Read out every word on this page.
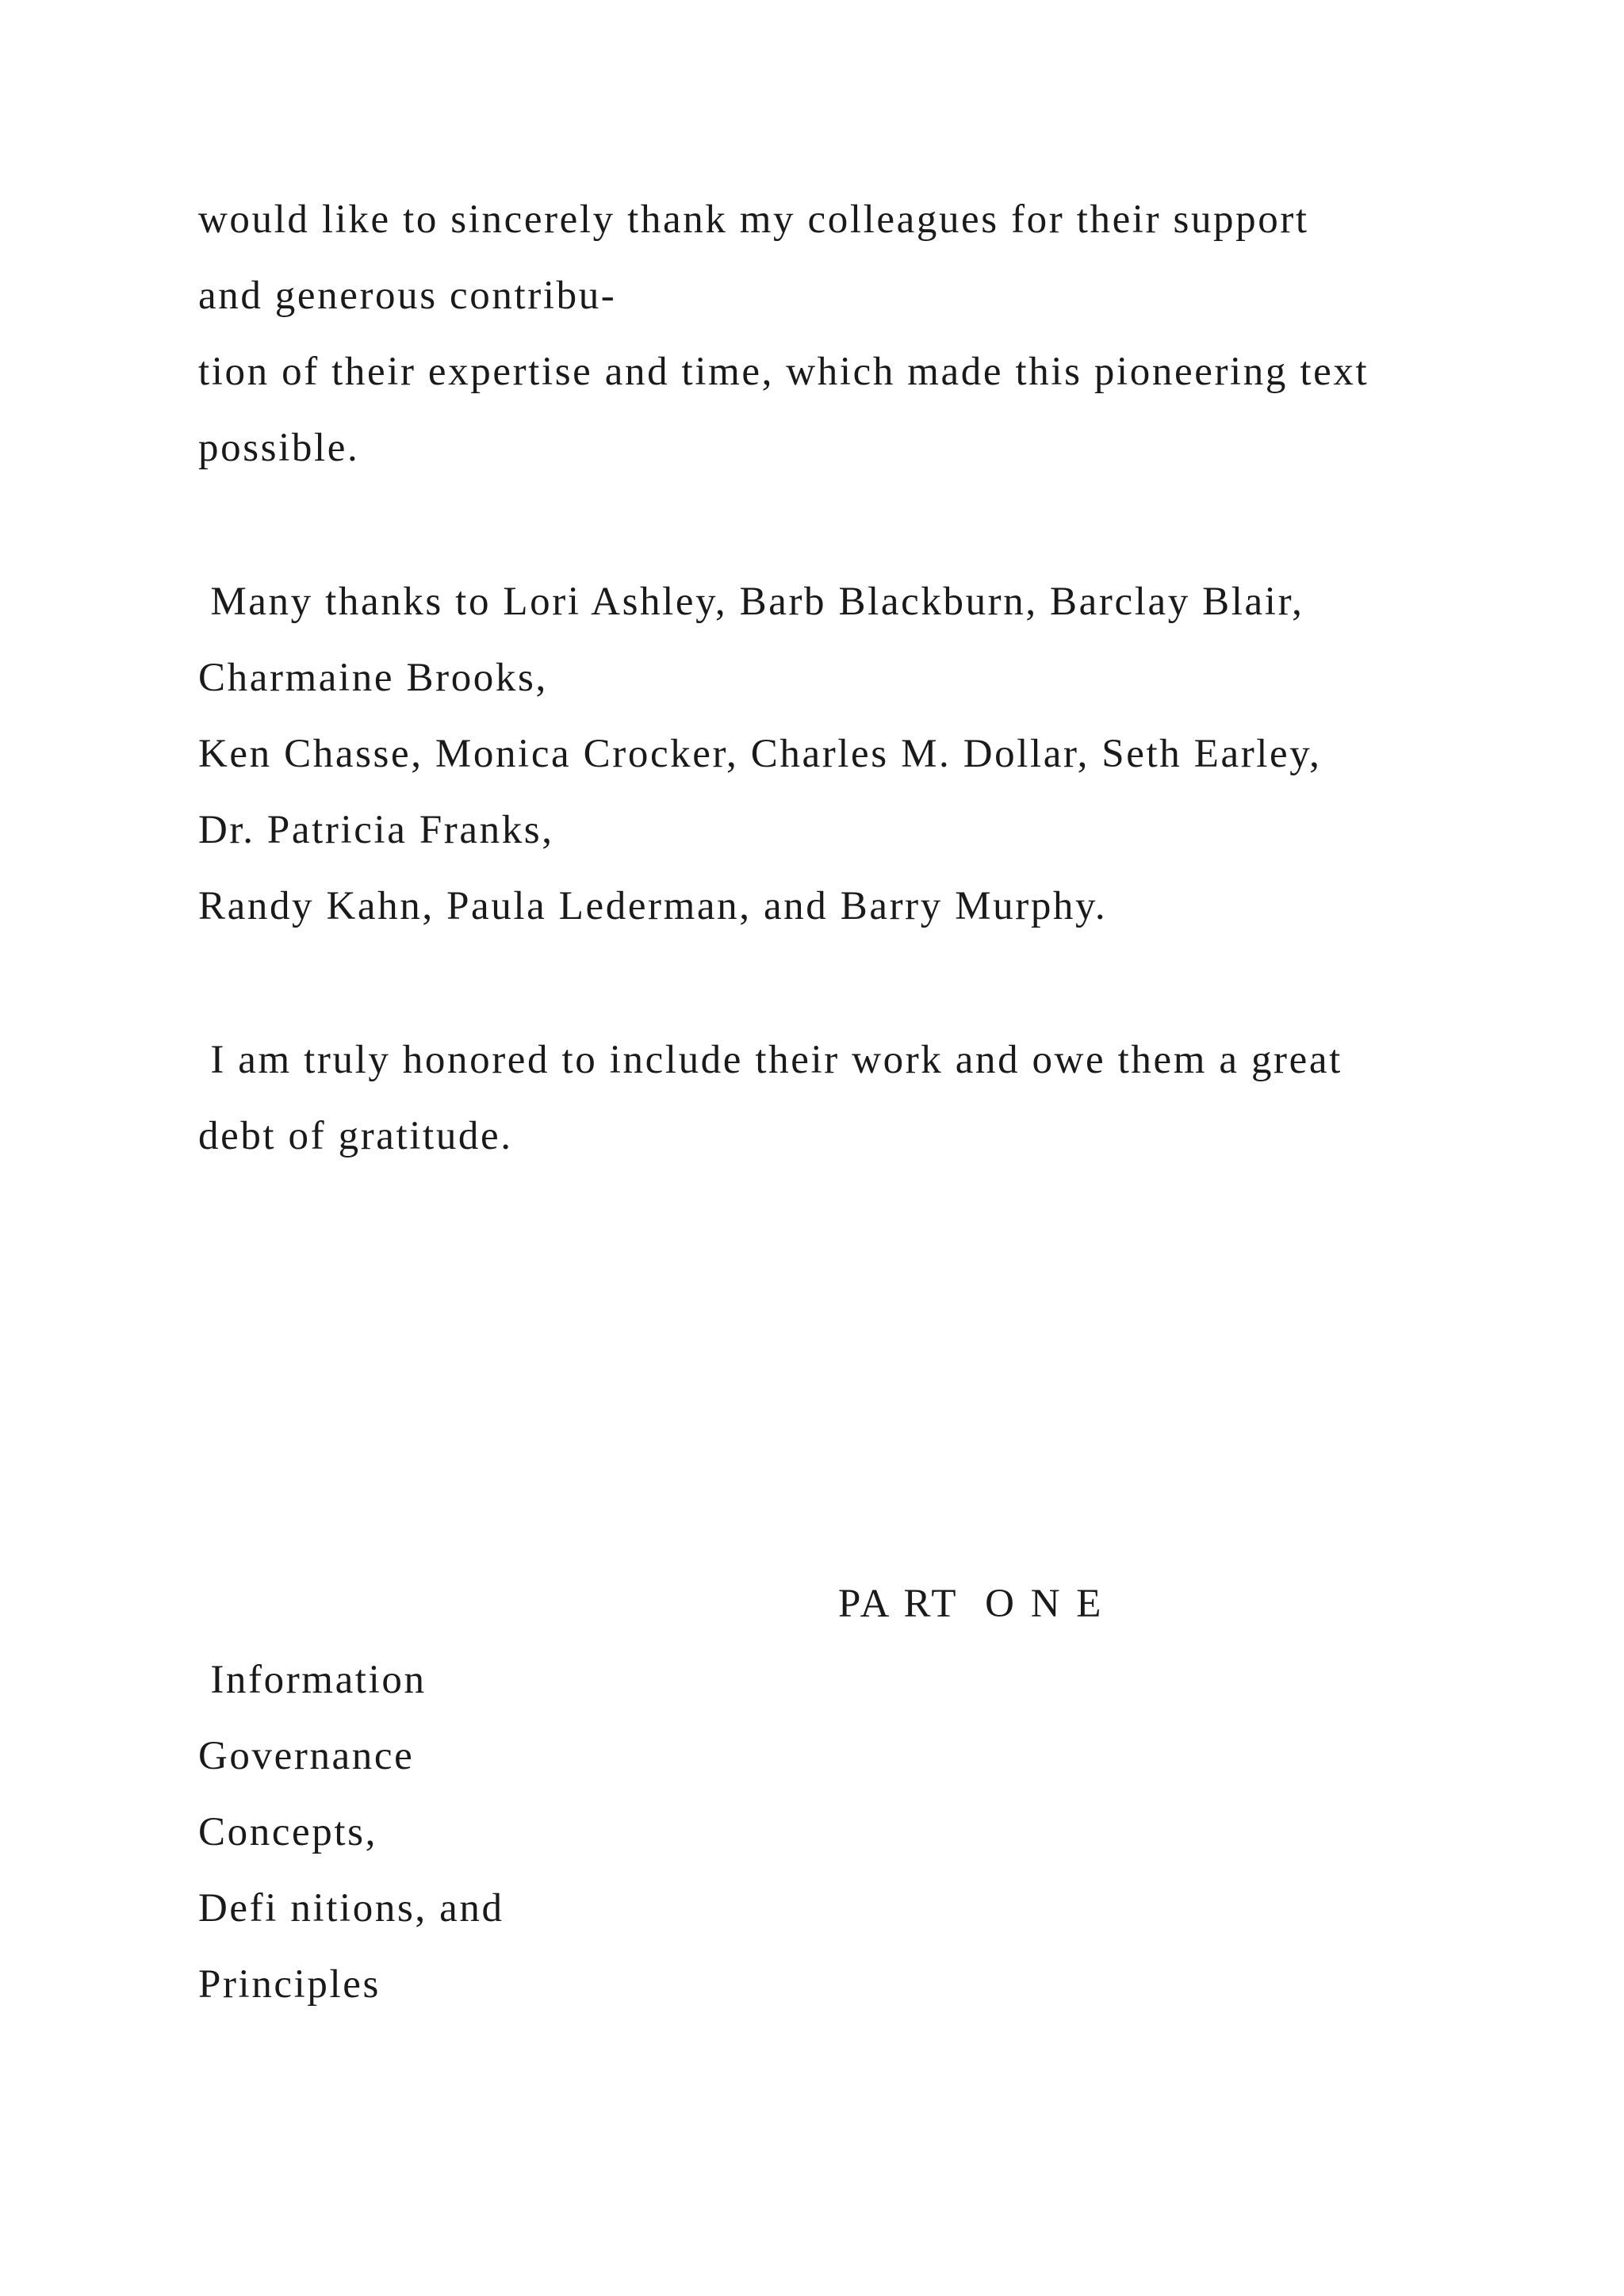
would like to sincerely thank my colleagues for their support

and generous contribu-

tion of their expertise and time, which made this pioneering text

possible.

Many thanks to Lori Ashley, Barb Blackburn, Barclay Blair,

Charmaine Brooks,

Ken Chasse, Monica Crocker, Charles M. Dollar, Seth Earley,

Dr. Patricia Franks,

Randy Kahn, Paula Lederman, and Barry Murphy.

I am truly honored to include their work and owe them a great

debt of gratitude.

PA RT  O N E

Information

Governance

Concepts,

Defi nitions, and

Principles
